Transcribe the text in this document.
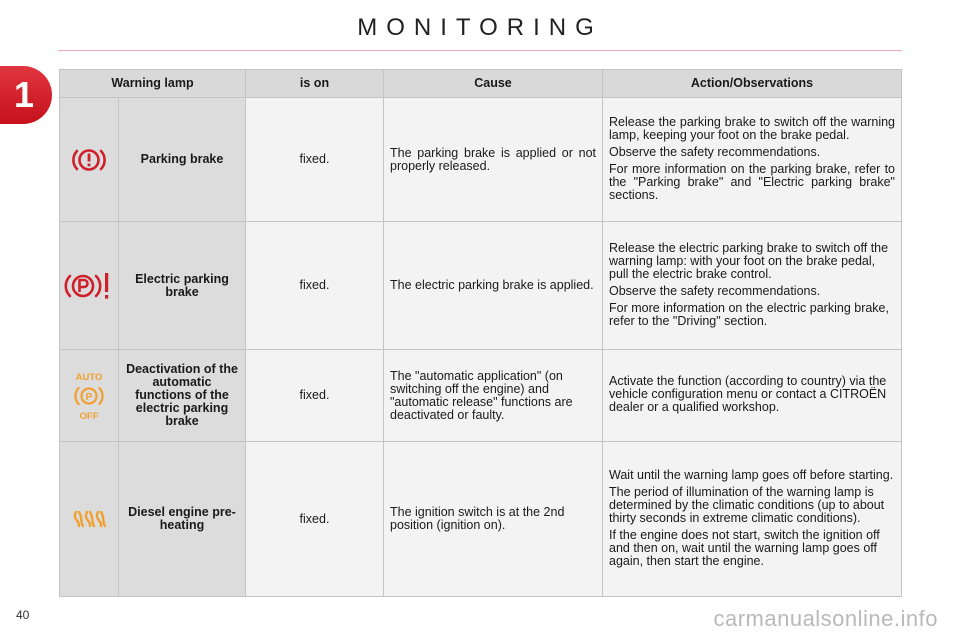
MONITORING
1	Warning lamp		is on	Cause	Action/Observations
	Parking brake	fixed.	The parking brake is applied or not properly released.	Release the parking brake to switch off the warning lamp, keeping your foot on the brake pedal.

Observe the safety recommendations.

For more information on the parking brake, refer to the "Parking brake" and "Electric parking brake" sections.

	Electric parking brake	fixed.	The electric parking brake is applied.	Release the electric parking brake to switch off the warning lamp: with your foot on the brake pedal, pull the electric brake control.

Observe the safety recommendations.

For more information on the electric parking brake, refer to the "Driving" section.

AUTO
P
OFF	Deactivation of the automatic functions of the electric parking brake	fixed.	The "automatic application" (on switching off the engine) and "automatic release" functions are deactivated or faulty.	Activate the function (according to country) via the vehicle configuration menu or contact a CITROËN dealer or a qualified workshop.

	Diesel engine pre-heating	fixed.	The ignition switch is at the 2nd position (ignition on).	Wait until the warning lamp goes off before starting.

The period of illumination of the warning lamp is determined by the climatic conditions (up to about thirty seconds in extreme climatic conditions).

If the engine does not start, switch the ignition off and then on, wait until the warning lamp goes off again, then start the engine.

40	carmanualsonline.info
